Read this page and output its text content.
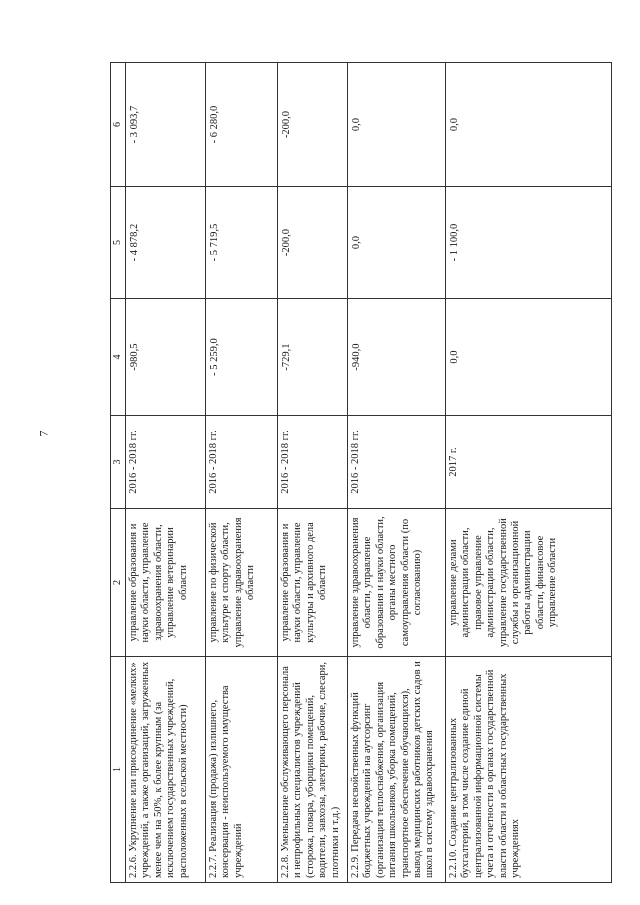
7
1	2	3	4	5	6
2.2.6. Укрупнение или присоединение «мелких» учреждений, а также организаций, загруженных менее чем на 50%, к более крупным (за исключением государственных учреждений, расположенных в сельской местности)	управление образования и науки области, управление здравоохранения области, управление ветеринарии области	2016 - 2018 гг.	-980,5	- 4 878,2	- 3 093,7
2.2.7. Реализация (продажа) излишнего, консервация - неиспользуемого имущества учреждений	управление по физической культуре и спорту области, управление здравоохранения области	2016 - 2018 гг.	- 5 259,0	- 5 719,5	- 6 280,0
2.2.8. Уменьшение обслуживающего персонала и непрофильных специалистов учреждений (сторожа, повара, уборщики помещений, водители, завхозы, электрики, рабочие, слесари, плотники и т.д.)	управление образования и науки области, управление культуры и архивного дела области	2016 - 2018 гг.	-729,1	-200,0	-200,0
2.2.9. Передача несвойственных функций бюджетных учреждений на аутсорсинг (организация теплоснабжения, организация питания школьников, уборка помещений, транспортное обеспечение обучающихся), вывод медицинских работников детских садов и школ в систему здравоохранения	управление здравоохранения области, управление образования и науки области, органы местного самоуправления области (по согласованию)	2016 - 2018 гг.	-940,0	0,0	0,0
2.2.10. Создание централизованных бухгалтерий, в том числе создание единой централизованной информационной системы учета и отчетности в органах государственной власти области и областных государственных учреждениях	управление делами администрации области, правовое управление администрации области, управление государственной службы и организационной работы администрации области, финансовое управление области	2017 г.	0,0	- 1 100,0	0,0
